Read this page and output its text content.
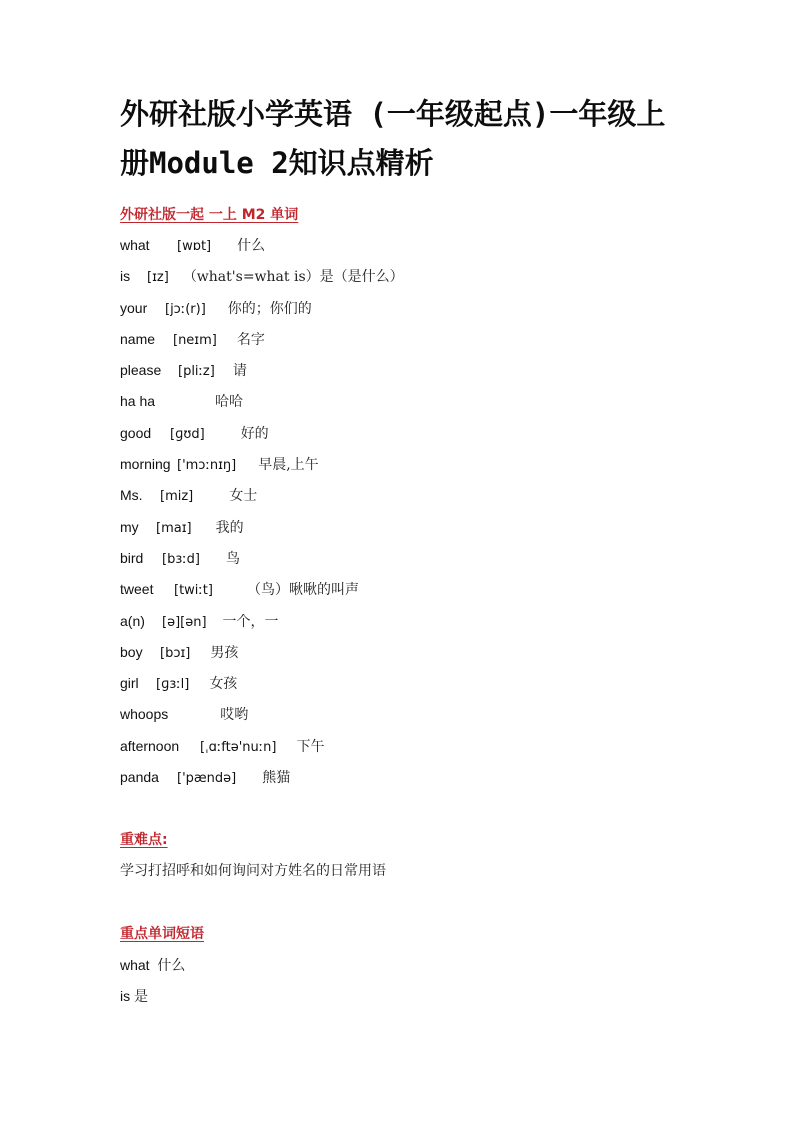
外研社版小学英语 (一年级起点)一年级上册Module 2知识点精析
外研社版一起 一上 M2 单词
what [wɒt] 什么
is [ɪz] （what's=what is）是（是什么）
your [jɔː(r)] 你的；你们的
name [neɪm] 名字
please [pliːz] 请
ha ha	哈哈
good [ɡʊd]	好的
morning ['mɔːnɪŋ] 早晨,上午
Ms. [miz]	女士
my [maɪ] 我的
bird [bɜːd] 鸟
tweet [twiːt] （鸟）啾啾的叫声
a(n) [ə][ən] 一个，一
boy [bɔɪ] 男孩
girl [ɡɜːl] 女孩
whoops	哎哟
afternoon [ˌɑːftə'nuːn] 下午
panda ['pændə] 熊猫
重难点:
学习打招呼和如何询问对方姓名的日常用语
重点单词短语
what 什么
is 是
